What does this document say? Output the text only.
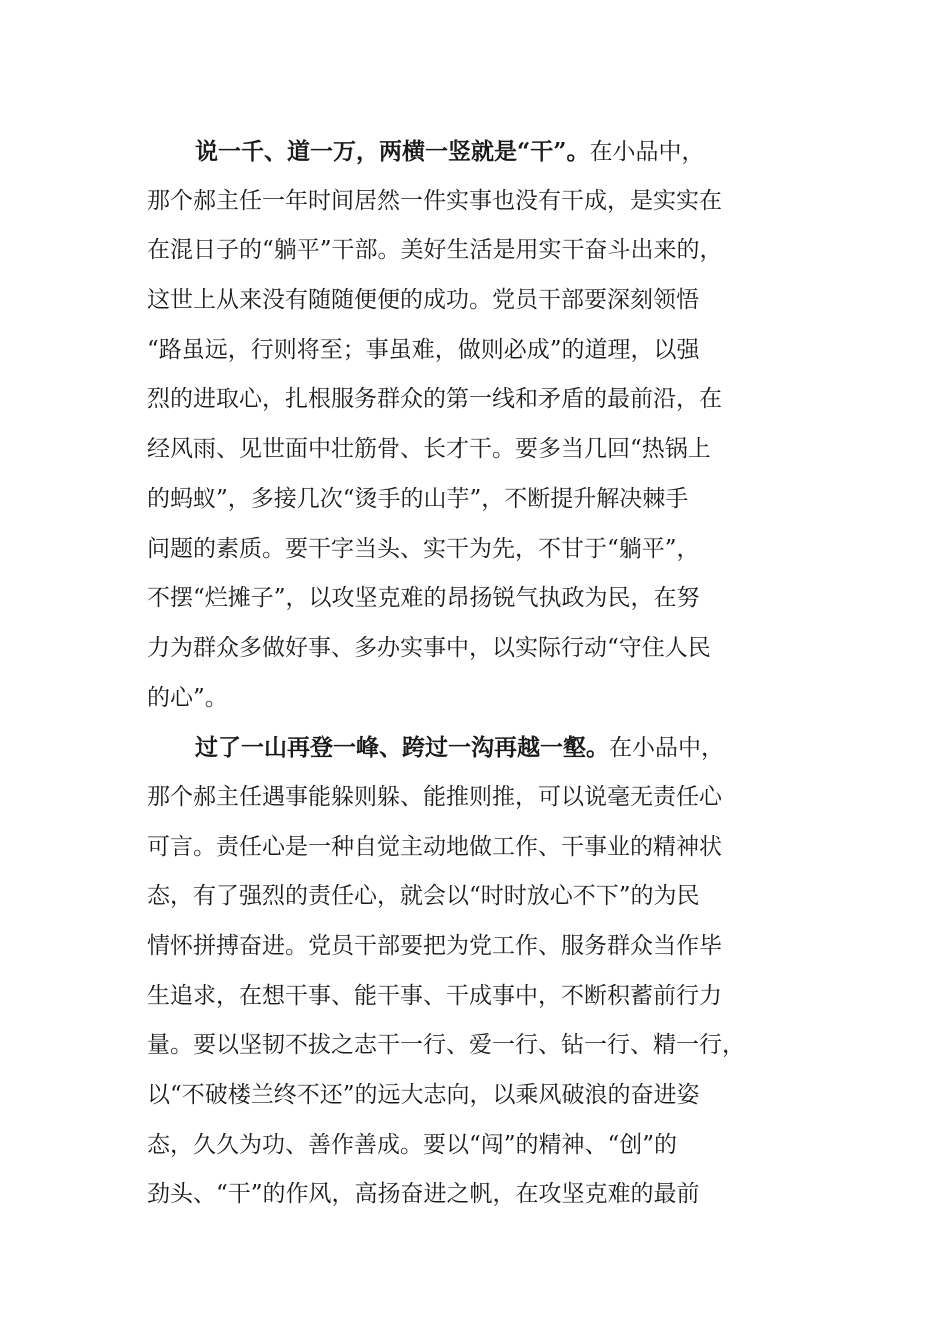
说一千、道一万，两横一竖就是“干”。在小品中，
那个郝主任一年时间居然一件实事也没有干成，是实实在
在混日子的“躺平”干部。美好生活是用实干奋斗出来的，
这世上从来没有随随便便的成功。党员干部要深刻领悟
“路虽远，行则将至；事虽难，做则必成”的道理，以强
烈的进取心，扎根服务群众的第一线和矛盾的最前沿，在
经风雨、见世面中壮筋骨、长才干。要多当几回“热锅上
的蚂蚁”，多接几次“烫手的山芋”，不断提升解决棘手
问题的素质。要干字当头、实干为先，不甘于“躺平”，
不摆“烂摊子”，以攻坚克难的昂扬锐气执政为民，在努
力为群众多做好事、多办实事中，以实际行动“守住人民
的心”。
过了一山再登一峰、跨过一沟再越一壑。在小品中，
那个郝主任遇事能躲则躲、能推则推，可以说毫无责任心
可言。责任心是一种自觉主动地做工作、干事业的精神状
态，有了强烈的责任心，就会以“时时放心不下”的为民
情怀拼搏奋进。党员干部要把为党工作、服务群众当作毕
生追求，在想干事、能干事、干成事中，不断积蓄前行力
量。要以坚韧不拔之志干一行、爱一行、钻一行、精一行，
以“不破楼兰终不还”的远大志向，以乘风破浪的奋进姿
态，久久为功、善作善成。要以“闯”的精神、“创”的
劲头、“干”的作风，高扬奋进之帆，在攻坚克难的最前
